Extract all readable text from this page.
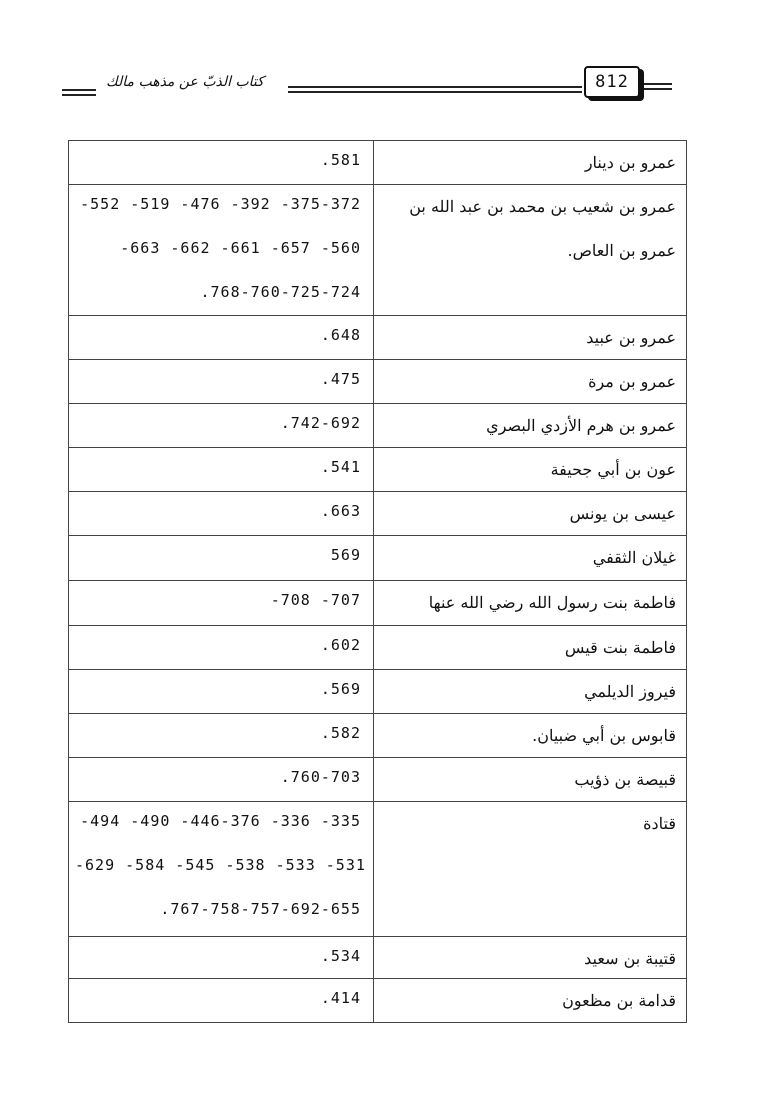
كتاب الذبّ عن مذهب مالك	812
.581	عمرو بن دينار

-552 -519 -476 -392 -375-372
-663 -662 -661 -657 -560
.768-760-725-724	عمرو بن شعيب بن محمد بن عبد الله بن عمرو بن العاص.

.648	عمرو بن عبيد

.475	عمرو بن مرة

.742-692	عمرو بن هرم الأزدي البصري

.541	عون بن أبي جحيفة

.663	عيسى بن يونس

569	غيلان الثقفي

-708 -707	فاطمة بنت رسول الله رضي الله عنها

.602	فاطمة بنت قيس

.569	فيروز الديلمي

.582	قابوس بن أبي ضبيان.

.760-703	قبيصة بن ذؤيب

-494 -490 -446-376 -336 -335
-629 -584 -545 -538 -533 -531
.767-758-757-692-655	قتادة

.534	قتيبة بن سعيد

.414	قدامة بن مظعون
